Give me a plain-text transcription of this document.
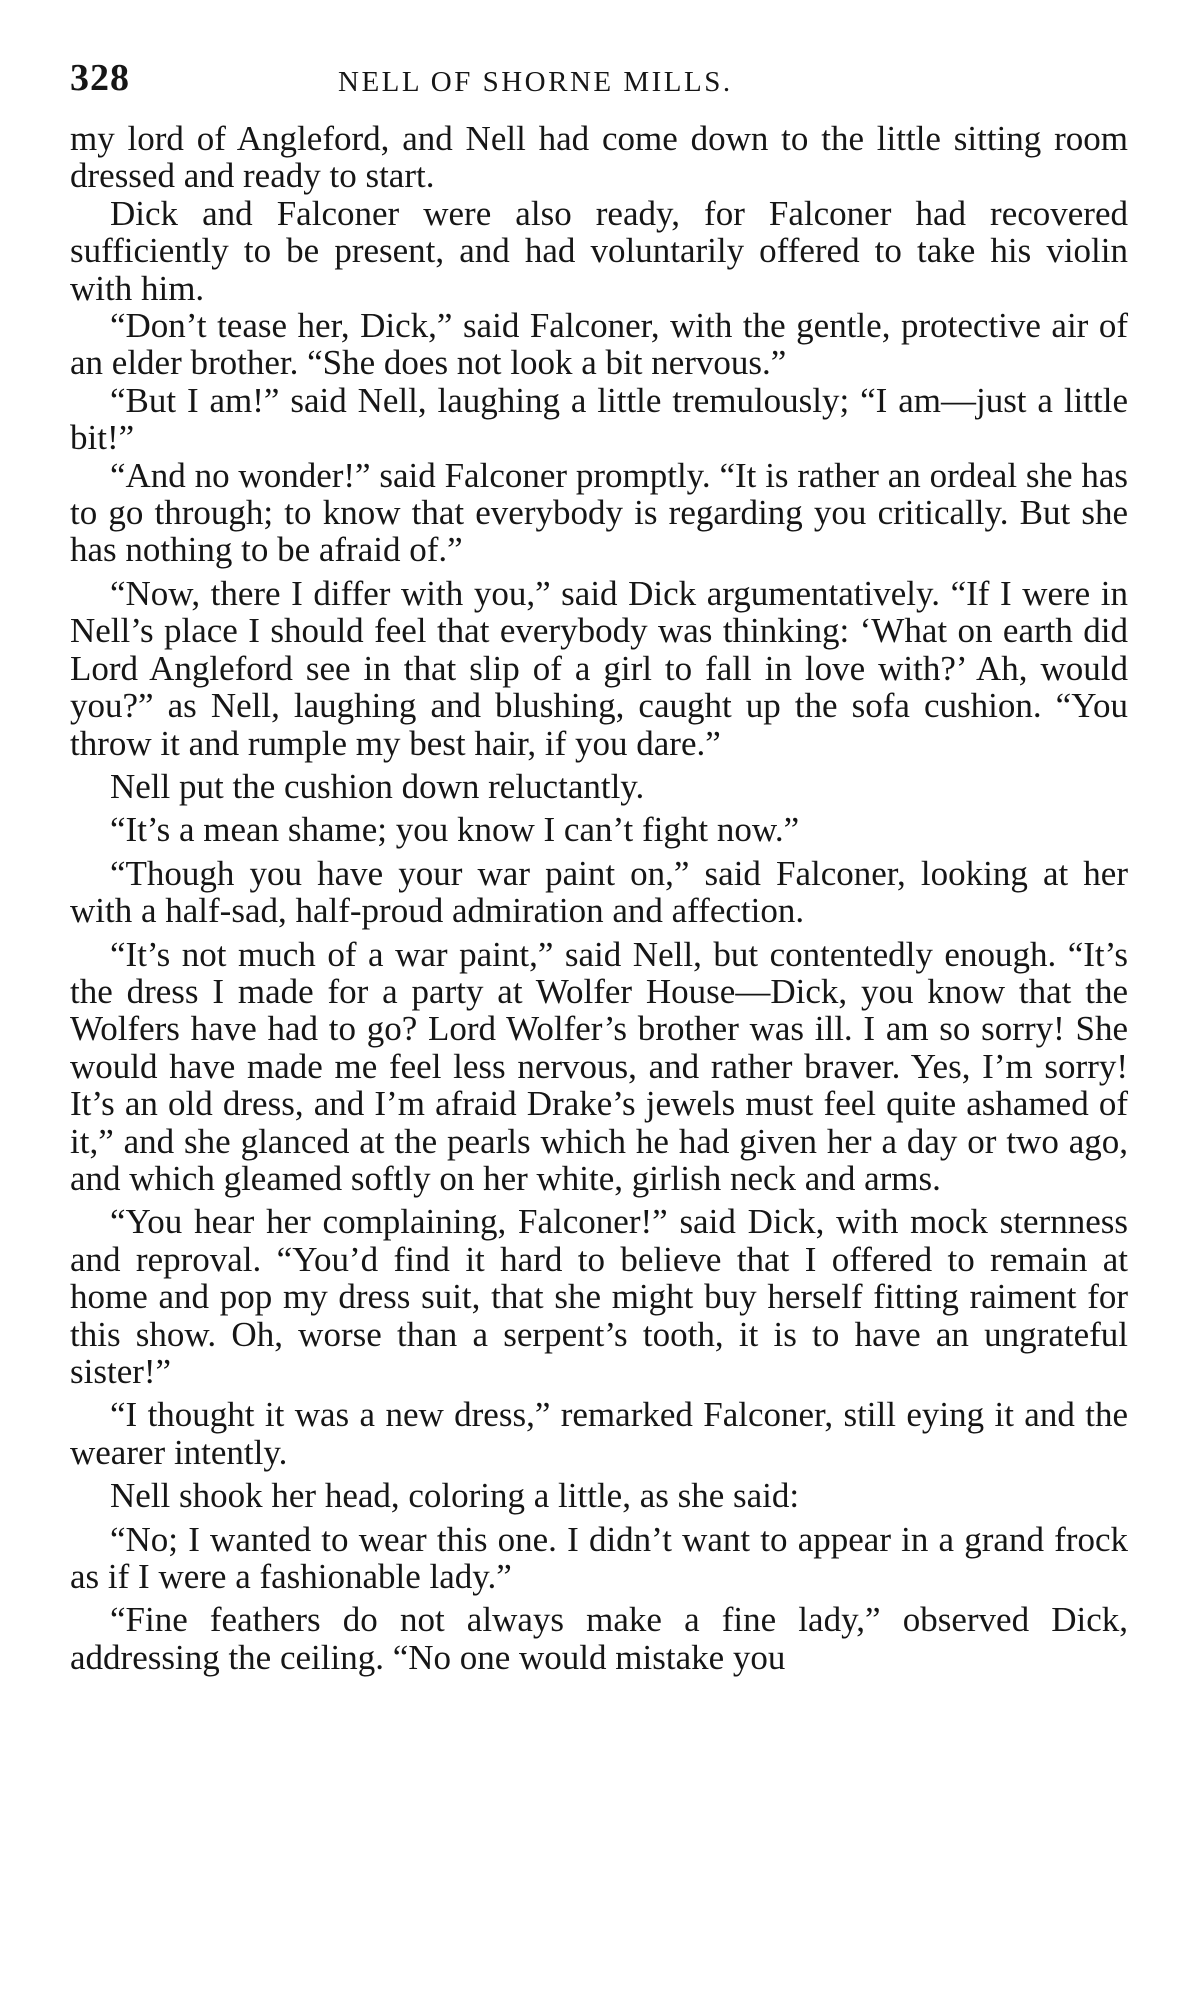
328	NELL OF SHORNE MILLS.

my lord of Angleford, and Nell had come down to the little sitting room dressed and ready to start.

Dick and Falconer were also ready, for Falconer had recovered sufficiently to be present, and had voluntarily offered to take his violin with him.

“Don’t tease her, Dick,” said Falconer, with the gentle, protective air of an elder brother. “She does not look a bit nervous.”

“But I am!” said Nell, laughing a little tremulously; “I am—just a little bit!”

“And no wonder!” said Falconer promptly. “It is rather an ordeal she has to go through; to know that everybody is regarding you critically. But she has nothing to be afraid of.”

“Now, there I differ with you,” said Dick argumentatively. “If I were in Nell’s place I should feel that everybody was thinking: ‘What on earth did Lord Angleford see in that slip of a girl to fall in love with?’ Ah, would you?” as Nell, laughing and blushing, caught up the sofa cushion. “You throw it and rumple my best hair, if you dare.”

Nell put the cushion down reluctantly.

“It’s a mean shame; you know I can’t fight now.”

“Though you have your war paint on,” said Falconer, looking at her with a half-sad, half-proud admiration and affection.

“It’s not much of a war paint,” said Nell, but contentedly enough. “It’s the dress I made for a party at Wolfer House—Dick, you know that the Wolfers have had to go? Lord Wolfer’s brother was ill. I am so sorry! She would have made me feel less nervous, and rather braver. Yes, I’m sorry! It’s an old dress, and I’m afraid Drake’s jewels must feel quite ashamed of it,” and she glanced at the pearls which he had given her a day or two ago, and which gleamed softly on her white, girlish neck and arms.

“You hear her complaining, Falconer!” said Dick, with mock sternness and reproval. “You’d find it hard to believe that I offered to remain at home and pop my dress suit, that she might buy herself fitting raiment for this show. Oh, worse than a serpent’s tooth, it is to have an ungrateful sister!”

“I thought it was a new dress,” remarked Falconer, still eying it and the wearer intently.

Nell shook her head, coloring a little, as she said:

“No; I wanted to wear this one. I didn’t want to appear in a grand frock as if I were a fashionable lady.”

“Fine feathers do not always make a fine lady,” observed Dick, addressing the ceiling. “No one would mistake you
